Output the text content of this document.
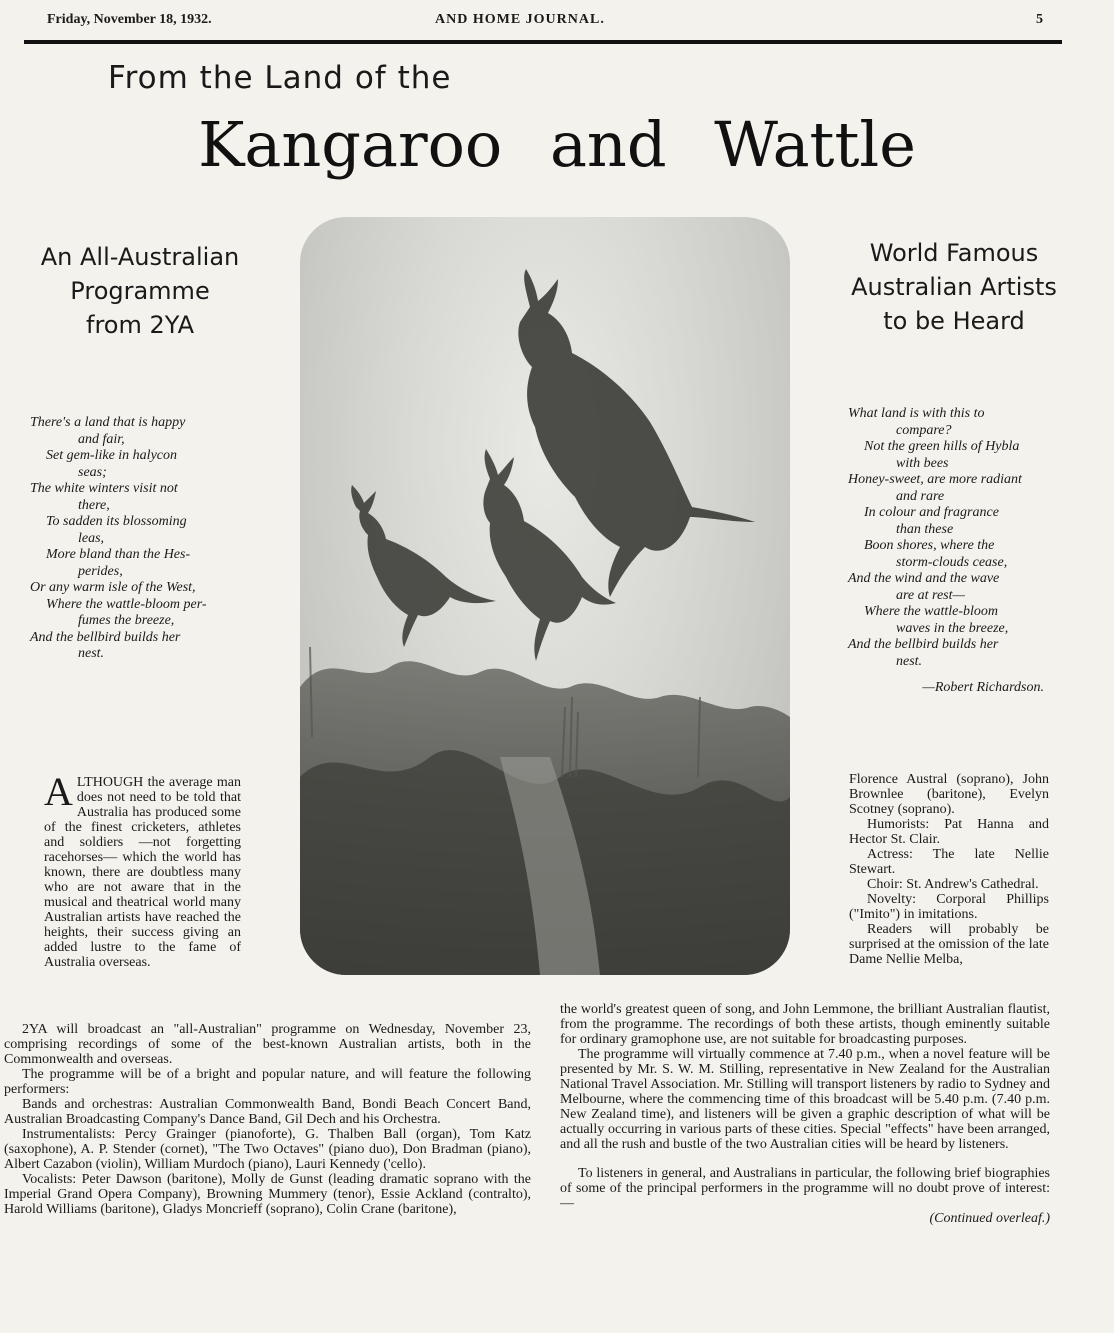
Friday, November 18, 1932.	AND HOME JOURNAL.	5
From the Land of the
Kangaroo and Wattle
An All-Australian
Programme
from 2YA
World Famous
Australian Artists
to be Heard
There's a land that is happy
and fair,
Set gem-like in halycon
seas;
The white winters visit not
there,
To sadden its blossoming
leas,
More bland than the Hes-
perides,
Or any warm isle of the West,
Where the wattle-bloom per-
fumes the breeze,
And the bellbird builds her
nest.
What land is with this to
compare?
Not the green hills of Hybla
with bees
Honey-sweet, are more radiant
and rare
In colour and fragrance
than these
Boon shores, where the
storm-clouds cease,
And the wind and the wave
are at rest—
Where the wattle-bloom
waves in the breeze,
And the bellbird builds her
nest.
—Robert Richardson.
ALTHOUGH the average man does not need to be told that Australia has produced some of the finest cricketers, athletes and soldiers —not forgetting racehorses— which the world has known, there are doubtless many who are not aware that in the musical and theatrical world many Australian artists have reached the heights, their success giving an added lustre to the fame of Australia overseas.

Florence Austral (soprano), John Brownlee (baritone), Evelyn Scotney (soprano).

Humorists: Pat Hanna and Hector St. Clair.

Actress: The late Nellie Stewart.

Choir: St. Andrew's Cathedral.

Novelty: Corporal Phillips ("Imito") in imitations.

Readers will probably be surprised at the omission of the late Dame Nellie Melba,

2YA will broadcast an "all-Australian" programme on Wednesday, November 23, comprising recordings of some of the best-known Australian artists, both in the Commonwealth and overseas.

The programme will be of a bright and popular nature, and will feature the following performers:

Bands and orchestras: Australian Commonwealth Band, Bondi Beach Concert Band, Australian Broadcasting Company's Dance Band, Gil Dech and his Orchestra.

Instrumentalists: Percy Grainger (pianoforte), G. Thalben Ball (organ), Tom Katz (saxophone), A. P. Stender (cornet), "The Two Octaves" (piano duo), Don Bradman (piano), Albert Cazabon (violin), William Murdoch (piano), Lauri Kennedy ('cello).

Vocalists: Peter Dawson (baritone), Molly de Gunst (leading dramatic soprano with the Imperial Grand Opera Company), Browning Mummery (tenor), Essie Ackland (contralto), Harold Williams (baritone), Gladys Moncrieff (soprano), Colin Crane (baritone),

the world's greatest queen of song, and John Lemmone, the brilliant Australian flautist, from the programme. The recordings of both these artists, though eminently suitable for ordinary gramophone use, are not suitable for broadcasting purposes.

The programme will virtually commence at 7.40 p.m., when a novel feature will be presented by Mr. S. W. M. Stilling, representative in New Zealand for the Australian National Travel Association. Mr. Stilling will transport listeners by radio to Sydney and Melbourne, where the commencing time of this broadcast will be 5.40 p.m. (7.40 p.m. New Zealand time), and listeners will be given a graphic description of what will be actually occurring in various parts of these cities. Special "effects" have been arranged, and all the rush and bustle of the two Australian cities will be heard by listeners.

To listeners in general, and Australians in particular, the following brief biographies of some of the principal performers in the programme will no doubt prove of interest:—

(Continued overleaf.)
